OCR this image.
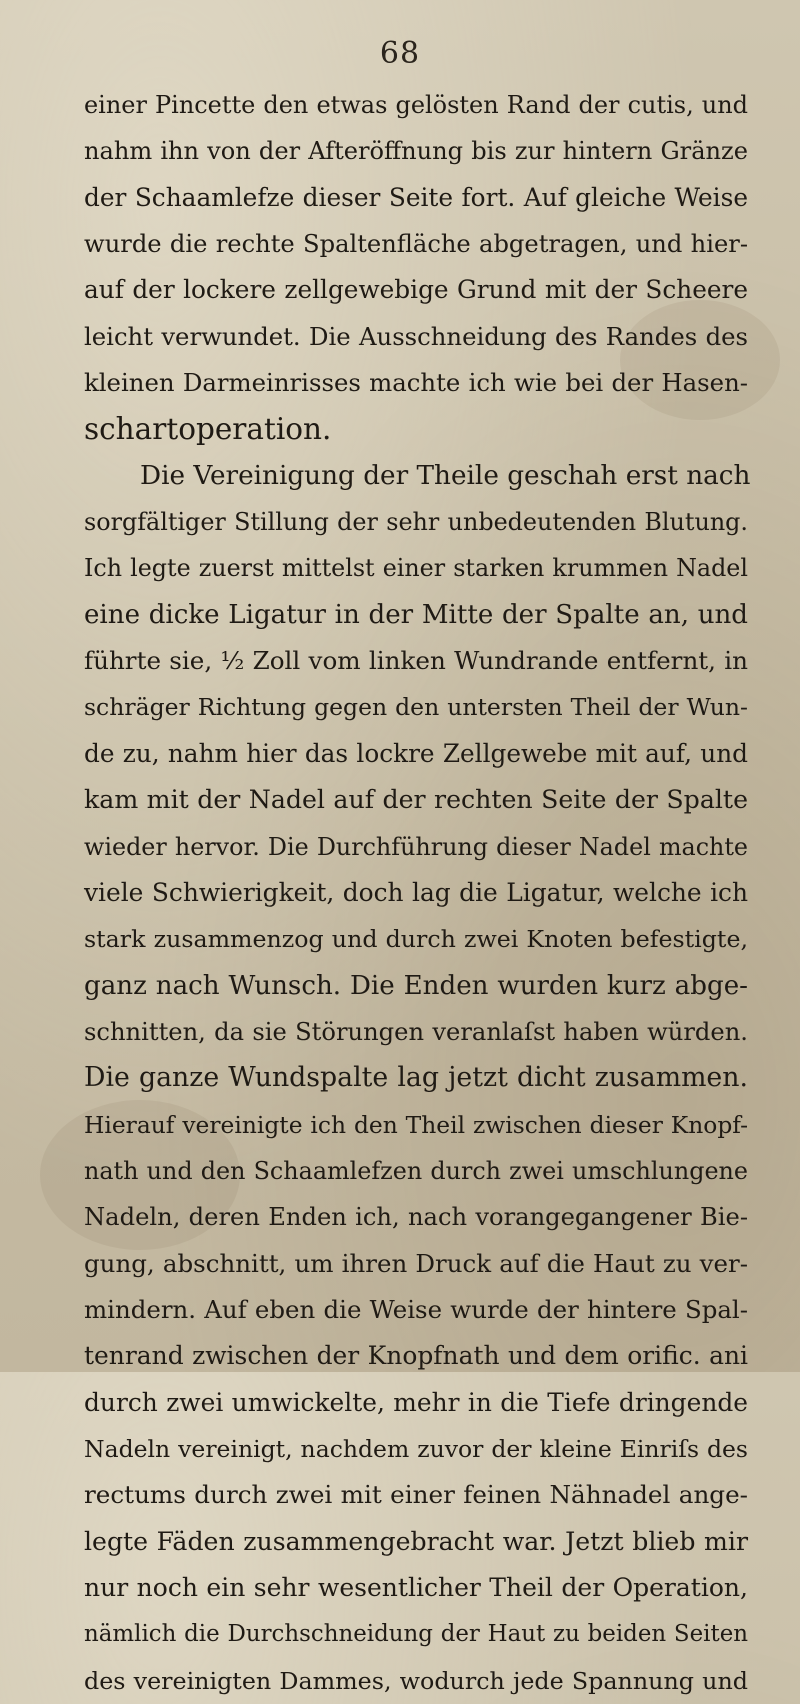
68
einer Pincette den etwas gelösten Rand der cutis, und
nahm ihn von der Afteröffnung bis zur hintern Gränze
der Schaamlefze dieser Seite fort. Auf gleiche Weise
wurde die rechte Spaltenfläche abgetragen, und hier-
auf der lockere zellgewebige Grund mit der Scheere
leicht verwundet. Die Ausschneidung des Randes des
kleinen Darmeinrisses machte ich wie bei der Hasen-
schartoperation.
Die Vereinigung der Theile geschah erst nach
sorgfältiger Stillung der sehr unbedeutenden Blutung.
Ich legte zuerst mittelst einer starken krummen Nadel
eine dicke Ligatur in der Mitte der Spalte an, und
führte sie, ½ Zoll vom linken Wundrande entfernt, in
schräger Richtung gegen den untersten Theil der Wun-
de zu, nahm hier das lockre Zellgewebe mit auf, und
kam mit der Nadel auf der rechten Seite der Spalte
wieder hervor. Die Durchführung dieser Nadel machte
viele Schwierigkeit, doch lag die Ligatur, welche ich
stark zusammenzog und durch zwei Knoten befestigte,
ganz nach Wunsch. Die Enden wurden kurz abge-
schnitten, da sie Störungen veranlaſst haben würden.
Die ganze Wundspalte lag jetzt dicht zusammen.
Hierauf vereinigte ich den Theil zwischen dieser Knopf-
nath und den Schaamlefzen durch zwei umschlungene
Nadeln, deren Enden ich, nach vorangegangener Bie-
gung, abschnitt, um ihren Druck auf die Haut zu ver-
mindern. Auf eben die Weise wurde der hintere Spal-
tenrand zwischen der Knopfnath und dem orific. ani
durch zwei umwickelte, mehr in die Tiefe dringende
Nadeln vereinigt, nachdem zuvor der kleine Einriſs des
rectums durch zwei mit einer feinen Nähnadel ange-
legte Fäden zusammengebracht war. Jetzt blieb mir
nur noch ein sehr wesentlicher Theil der Operation,
nämlich die Durchschneidung der Haut zu beiden Seiten
des vereinigten Dammes, wodurch jede Spannung und
